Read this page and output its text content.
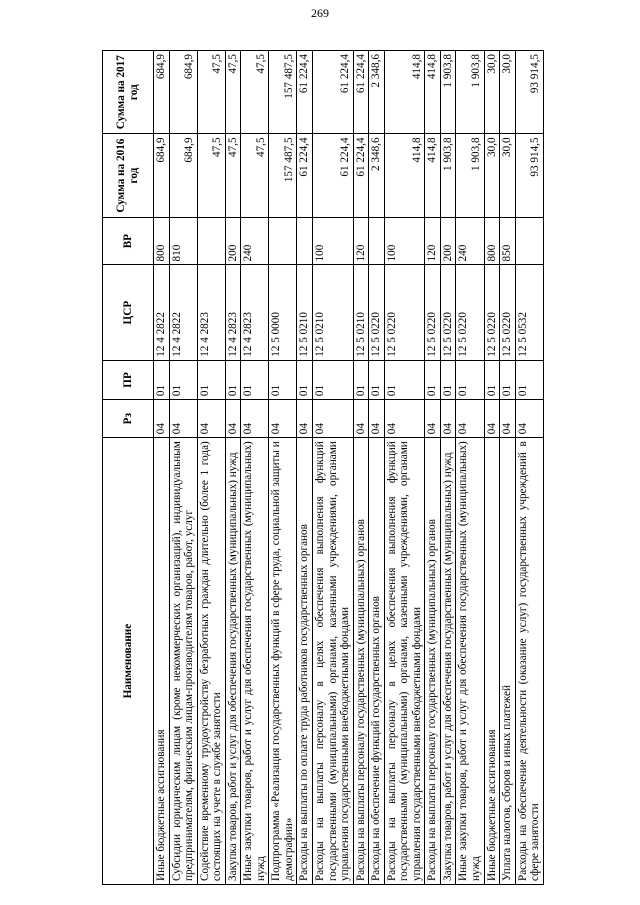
269
Наименование	Рз	ПР	ЦСР	ВР	Сумма на 2016 год	Сумма на 2017 год
Иные бюджетные ассигнования	04	01	12 4 2822	800	684,9	684,9
Субсидии юридическим лицам (кроме некоммерческих организаций), индивидуальным предпринимателям, физическим лицам-производителям товаров, работ, услуг	04	01	12 4 2822	810	684,9	684,9
Содействие временному трудоустройству безработных граждан длительно (более 1 года) состоящих на учете в службе занятости	04	01	12 4 2823		47,5	47,5
Закупка товаров, работ и услуг для обеспечения государственных (муниципальных) нужд	04	01	12 4 2823	200	47,5	47,5
Иные закупки товаров, работ и услуг для обеспечения государственных (муниципальных) нужд	04	01	12 4 2823	240	47,5	47,5
Подпрограмма «Реализация государственных функций в сфере труда, социальной защиты и демографии»	04	01	12 5 0000		157 487,5	157 487,5
Расходы на выплаты по оплате труда работников государственных органов	04	01	12 5 0210		61 224,4	61 224,4
Расходы на выплаты персоналу в целях обеспечения выполнения функций государственными (муниципальными) органами, казенными учреждениями, органами управления государственными внебюджетными фондами	04	01	12 5 0210	100	61 224,4	61 224,4
Расходы на выплаты персоналу государственных (муниципальных) органов	04	01	12 5 0210	120	61 224,4	61 224,4
Расходы на обеспечение функций государственных органов	04	01	12 5 0220		2 348,6	2 348,6
Расходы на выплаты персоналу в целях обеспечения выполнения функций государственными (муниципальными) органами, казенными учреждениями, органами управления государственными внебюджетными фондами	04	01	12 5 0220	100	414,8	414,8
Расходы на выплаты персоналу государственных (муниципальных) органов	04	01	12 5 0220	120	414,8	414,8
Закупка товаров, работ и услуг для обеспечения государственных (муниципальных) нужд	04	01	12 5 0220	200	1 903,8	1 903,8
Иные закупки товаров, работ и услуг для обеспечения государственных (муниципальных) нужд	04	01	12 5 0220	240	1 903,8	1 903,8
Иные бюджетные ассигнования	04	01	12 5 0220	800	30,0	30,0
Уплата налогов, сборов и иных платежей	04	01	12 5 0220	850	30,0	30,0
Расходы на обеспечение деятельности (оказание услуг) государственных учреждений в сфере занятости	04	01	12 5 0532		93 914,5	93 914,5
